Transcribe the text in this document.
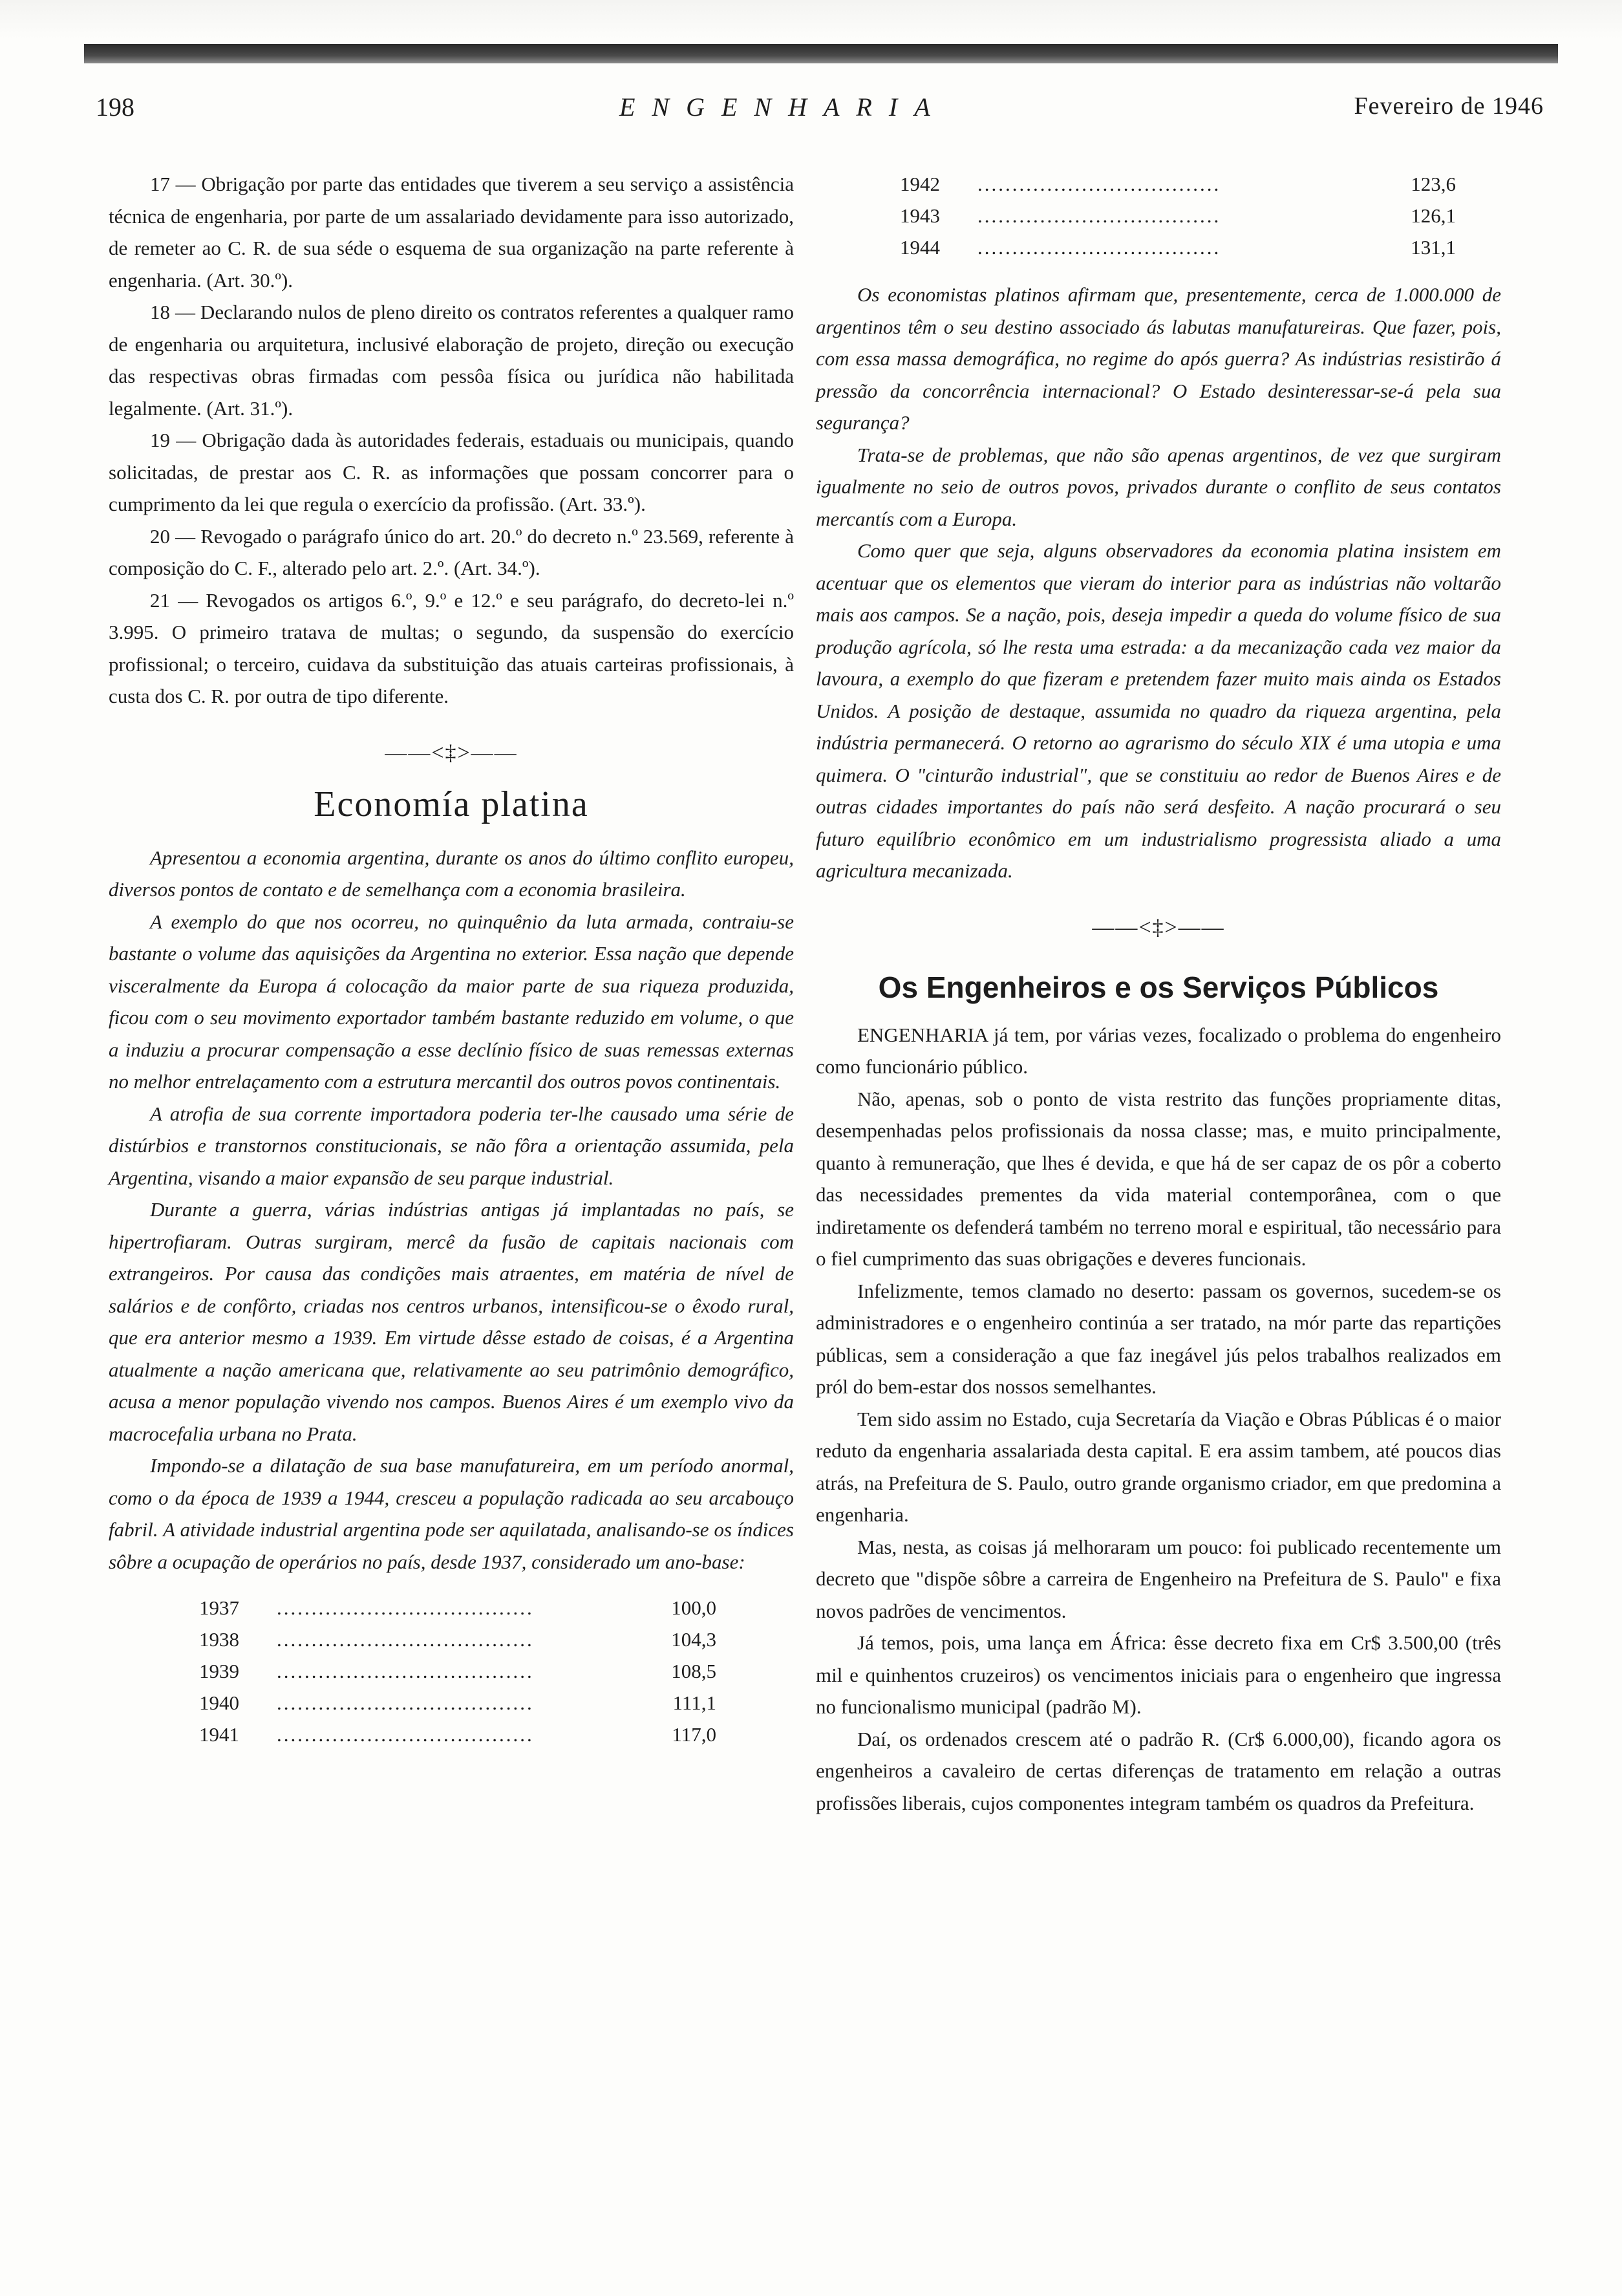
198	ENGENHARIA	Fevereiro de 1946

17 — Obrigação por parte das entidades que tiverem a seu serviço a assistência técnica de engenharia, por parte de um assalariado devidamente para isso autorizado, de remeter ao C. R. de sua séde o esquema de sua organização na parte referente à engenharia. (Art. 30.º).

18 — Declarando nulos de pleno direito os contratos referentes a qualquer ramo de engenharia ou arquitetura, inclusivé elaboração de projeto, direção ou execução das respectivas obras firmadas com pessôa física ou jurídica não habilitada legalmente. (Art. 31.º).

19 — Obrigação dada às autoridades federais, estaduais ou municipais, quando solicitadas, de prestar aos C. R. as informações que possam concorrer para o cumprimento da lei que regula o exercício da profissão. (Art. 33.º).

20 — Revogado o parágrafo único do art. 20.º do decreto n.º 23.569, referente à composição do C. F., alterado pelo art. 2.º. (Art. 34.º).

21 — Revogados os artigos 6.º, 9.º e 12.º e seu parágrafo, do decreto-lei n.º 3.995. O primeiro tratava de multas; o segundo, da suspensão do exercício profissional; o terceiro, cuidava da substituição das atuais carteiras profissionais, à custa dos C. R. por outra de tipo diferente.

——<‡>——
Economía platina

Apresentou a economia argentina, durante os anos do último conflito europeu, diversos pontos de contato e de semelhança com a economia brasileira.

A exemplo do que nos ocorreu, no quinquênio da luta armada, contraiu-se bastante o volume das aquisições da Argentina no exterior. Essa nação que depende visceralmente da Europa á colocação da maior parte de sua riqueza produzida, ficou com o seu movimento exportador também bastante reduzido em volume, o que a induziu a procurar compensação a esse declínio físico de suas remessas externas no melhor entrelaçamento com a estrutura mercantil dos outros povos continentais.

A atrofia de sua corrente importadora poderia ter-lhe causado uma série de distúrbios e transtornos constitucionais, se não fôra a orientação assumida, pela Argentina, visando a maior expansão de seu parque industrial.

Durante a guerra, várias indústrias antigas já implantadas no país, se hipertrofiaram. Outras surgiram, mercê da fusão de capitais nacionais com extrangeiros. Por causa das condições mais atraentes, em matéria de nível de salários e de confôrto, criadas nos centros urbanos, intensificou-se o êxodo rural, que era anterior mesmo a 1939. Em virtude dêsse estado de coisas, é a Argentina atualmente a nação americana que, relativamente ao seu patrimônio demográfico, acusa a menor população vivendo nos campos. Buenos Aires é um exemplo vivo da macrocefalia urbana no Prata.

Impondo-se a dilatação de sua base manufatureira, em um período anormal, como o da época de 1939 a 1944, cresceu a população radicada ao seu arcabouço fabril. A atividade industrial argentina pode ser aquilatada, analisando-se os índices sôbre a ocupação de operários no país, desde 1937, considerado um ano-base:

1937	.....................................	100,0
1938	.....................................	104,3
1939	.....................................	108,5
1940	.....................................	111,1
1941	.....................................	117,0
1942	...................................	123,6
1943	...................................	126,1
1944	...................................	131,1

Os economistas platinos afirmam que, presentemente, cerca de 1.000.000 de argentinos têm o seu destino associado ás labutas manufatureiras. Que fazer, pois, com essa massa demográfica, no regime do após guerra? As indústrias resistirão á pressão da concorrência internacional? O Estado desinteressar-se-á pela sua segurança?

Trata-se de problemas, que não são apenas argentinos, de vez que surgiram igualmente no seio de outros povos, privados durante o conflito de seus contatos mercantís com a Europa.

Como quer que seja, alguns observadores da economia platina insistem em acentuar que os elementos que vieram do interior para as indústrias não voltarão mais aos campos. Se a nação, pois, deseja impedir a queda do volume físico de sua produção agrícola, só lhe resta uma estrada: a da mecanização cada vez maior da lavoura, a exemplo do que fizeram e pretendem fazer muito mais ainda os Estados Unidos. A posição de destaque, assumida no quadro da riqueza argentina, pela indústria permanecerá. O retorno ao agrarismo do século XIX é uma utopia e uma quimera. O "cinturão industrial", que se constituiu ao redor de Buenos Aires e de outras cidades importantes do país não será desfeito. A nação procurará o seu futuro equilíbrio econômico em um industrialismo progressista aliado a uma agricultura mecanizada.

——<‡>——
Os Engenheiros e os Serviços Públicos

ENGENHARIA já tem, por várias vezes, focalizado o problema do engenheiro como funcionário público.

Não, apenas, sob o ponto de vista restrito das funções propriamente ditas, desempenhadas pelos profissionais da nossa classe; mas, e muito principalmente, quanto à remuneração, que lhes é devida, e que há de ser capaz de os pôr a coberto das necessidades prementes da vida material contemporânea, com o que indiretamente os defenderá também no terreno moral e espiritual, tão necessário para o fiel cumprimento das suas obrigações e deveres funcionais.

Infelizmente, temos clamado no deserto: passam os governos, sucedem-se os administradores e o engenheiro continúa a ser tratado, na mór parte das repartições públicas, sem a consideração a que faz inegável jús pelos trabalhos realizados em pról do bem-estar dos nossos semelhantes.

Tem sido assim no Estado, cuja Secretaría da Viação e Obras Públicas é o maior reduto da engenharia assalariada desta capital. E era assim tambem, até poucos dias atrás, na Prefeitura de S. Paulo, outro grande organismo criador, em que predomina a engenharia.

Mas, nesta, as coisas já melhoraram um pouco: foi publicado recentemente um decreto que "dispõe sôbre a carreira de Engenheiro na Prefeitura de S. Paulo" e fixa novos padrões de vencimentos.

Já temos, pois, uma lança em África: êsse decreto fixa em Cr$ 3.500,00 (três mil e quinhentos cruzeiros) os vencimentos iniciais para o engenheiro que ingressa no funcionalismo municipal (padrão M).

Daí, os ordenados crescem até o padrão R. (Cr$ 6.000,00), ficando agora os engenheiros a cavaleiro de certas diferenças de tratamento em relação a outras profissões liberais, cujos componentes integram também os quadros da Prefeitura.
